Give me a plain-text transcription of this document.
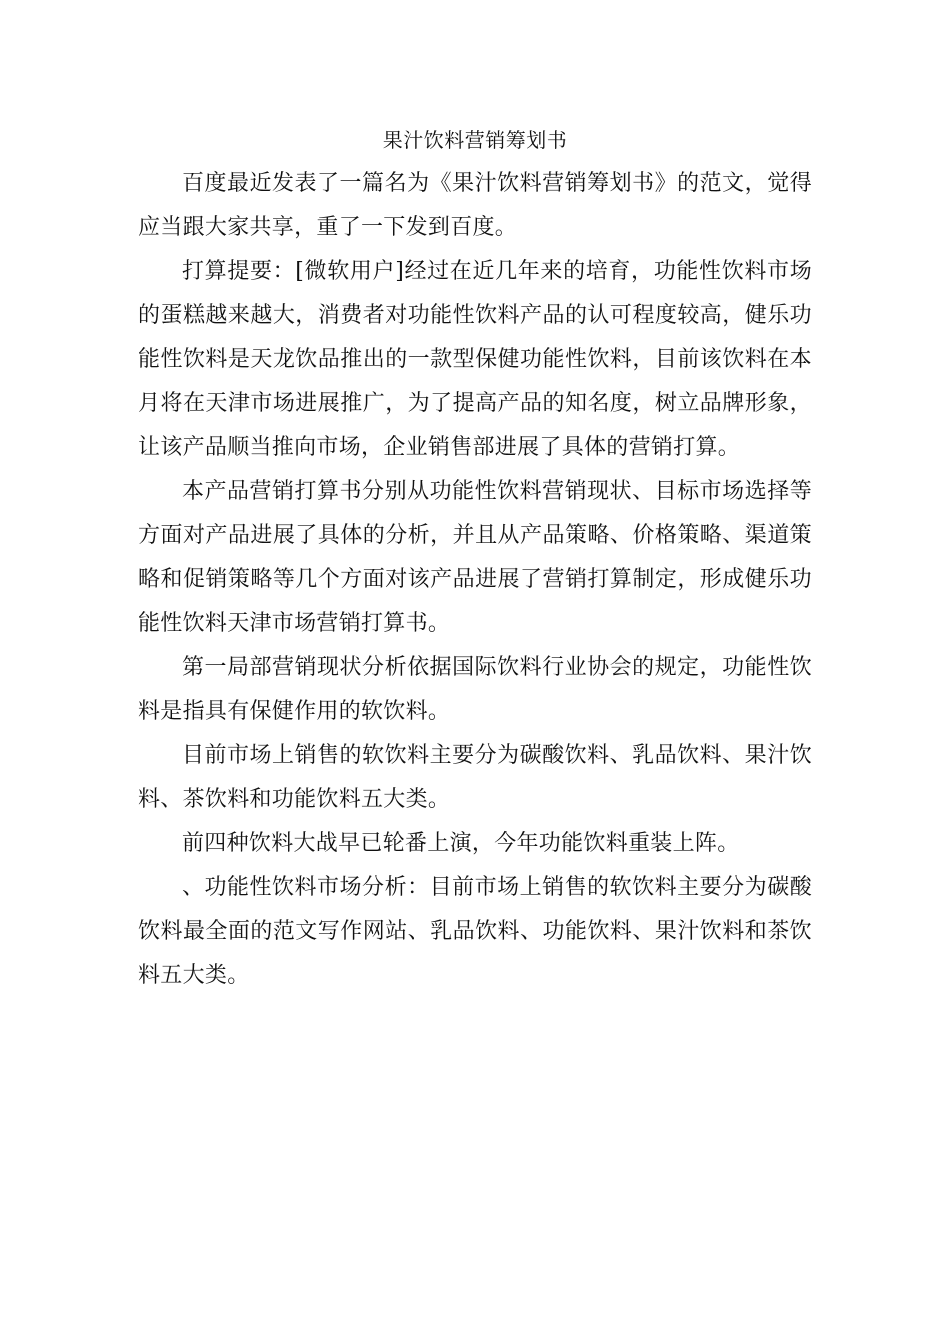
果汁饮料营销筹划书

百度最近发表了一篇名为《果汁饮料营销筹划书》的范文，觉得应当跟大家共享，重了一下发到百度。

打算提要：[微软用户]经过在近几年来的培育，功能性饮料市场的蛋糕越来越大，消费者对功能性饮料产品的认可程度较高，健乐功能性饮料是天龙饮品推出的一款型保健功能性饮料，目前该饮料在本月将在天津市场进展推广，为了提高产品的知名度，树立品牌形象，让该产品顺当推向市场，企业销售部进展了具体的营销打算。

本产品营销打算书分别从功能性饮料营销现状、目标市场选择等方面对产品进展了具体的分析，并且从产品策略、价格策略、渠道策略和促销策略等几个方面对该产品进展了营销打算制定，形成健乐功能性饮料天津市场营销打算书。

第一局部营销现状分析依据国际饮料行业协会的规定，功能性饮料是指具有保健作用的软饮料。

目前市场上销售的软饮料主要分为碳酸饮料、乳品饮料、果汁饮料、茶饮料和功能饮料五大类。

前四种饮料大战早已轮番上演，今年功能饮料重装上阵。

、功能性饮料市场分析：目前市场上销售的软饮料主要分为碳酸饮料最全面的范文写作网站、乳品饮料、功能饮料、果汁饮料和茶饮料五大类。
